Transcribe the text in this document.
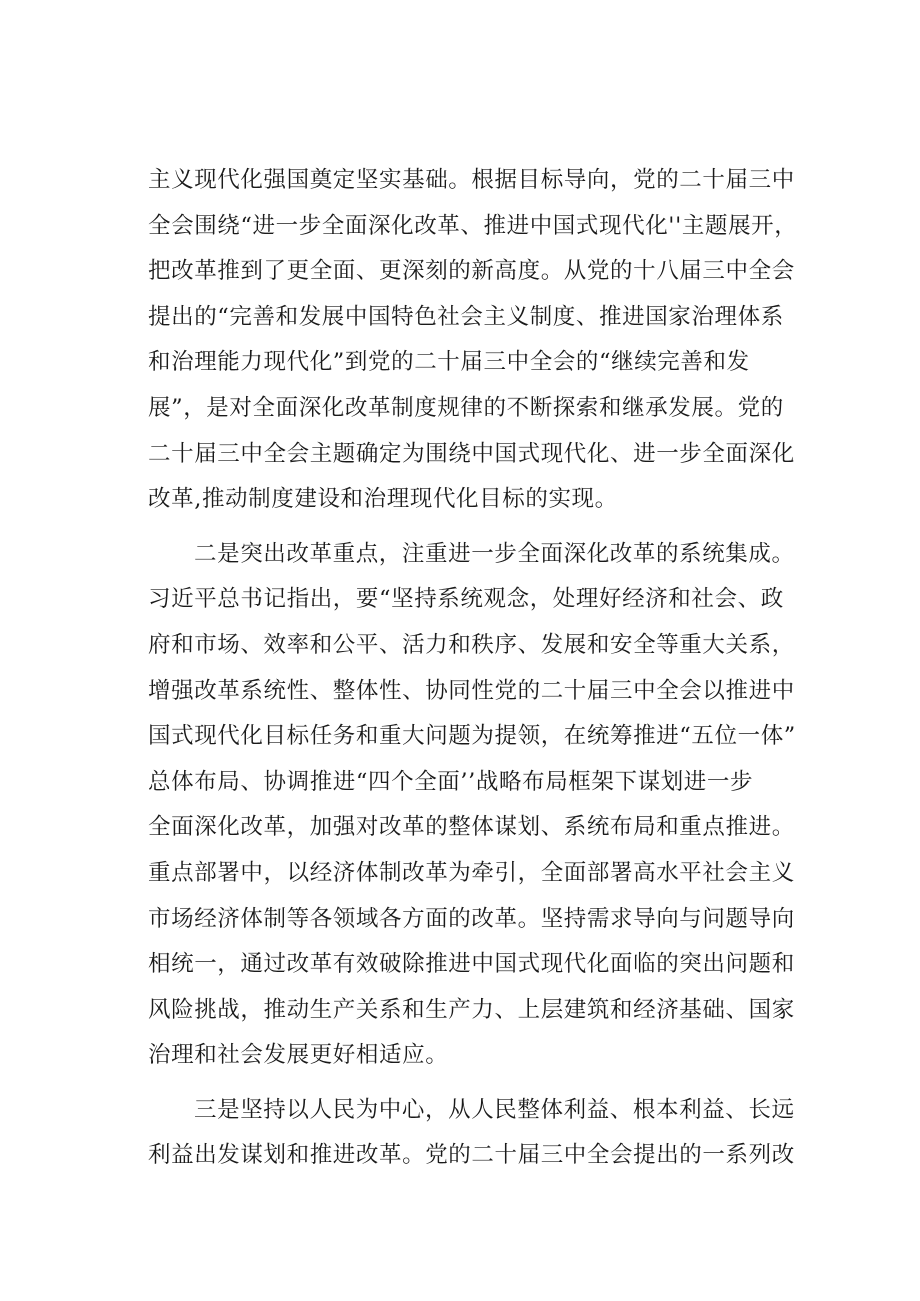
主义现代化强国奠定坚实基础。根据目标导向，党的二十届三中
全会围绕“进一步全面深化改革、推进中国式现代化''主题展开，
把改革推到了更全面、更深刻的新高度。从党的十八届三中全会
提出的“完善和发展中国特色社会主义制度、推进国家治理体系
和治理能力现代化”到党的二十届三中全会的“继续完善和发
展”，是对全面深化改革制度规律的不断探索和继承发展。党的
二十届三中全会主题确定为围绕中国式现代化、进一步全面深化
改革,推动制度建设和治理现代化目标的实现。
二是突出改革重点，注重进一步全面深化改革的系统集成。
习近平总书记指出，要“坚持系统观念，处理好经济和社会、政
府和市场、效率和公平、活力和秩序、发展和安全等重大关系，
增强改革系统性、整体性、协同性党的二十届三中全会以推进中
国式现代化目标任务和重大问题为提领，在统筹推进“五位一体”
总体布局、协调推进“四个全面’’战略布局框架下谋划进一步
全面深化改革，加强对改革的整体谋划、系统布局和重点推进。
重点部署中，以经济体制改革为牵引，全面部署高水平社会主义
市场经济体制等各领域各方面的改革。坚持需求导向与问题导向
相统一，通过改革有效破除推进中国式现代化面临的突出问题和
风险挑战，推动生产关系和生产力、上层建筑和经济基础、国家
治理和社会发展更好相适应。
三是坚持以人民为中心，从人民整体利益、根本利益、长远
利益出发谋划和推进改革。党的二十届三中全会提出的一系列改
